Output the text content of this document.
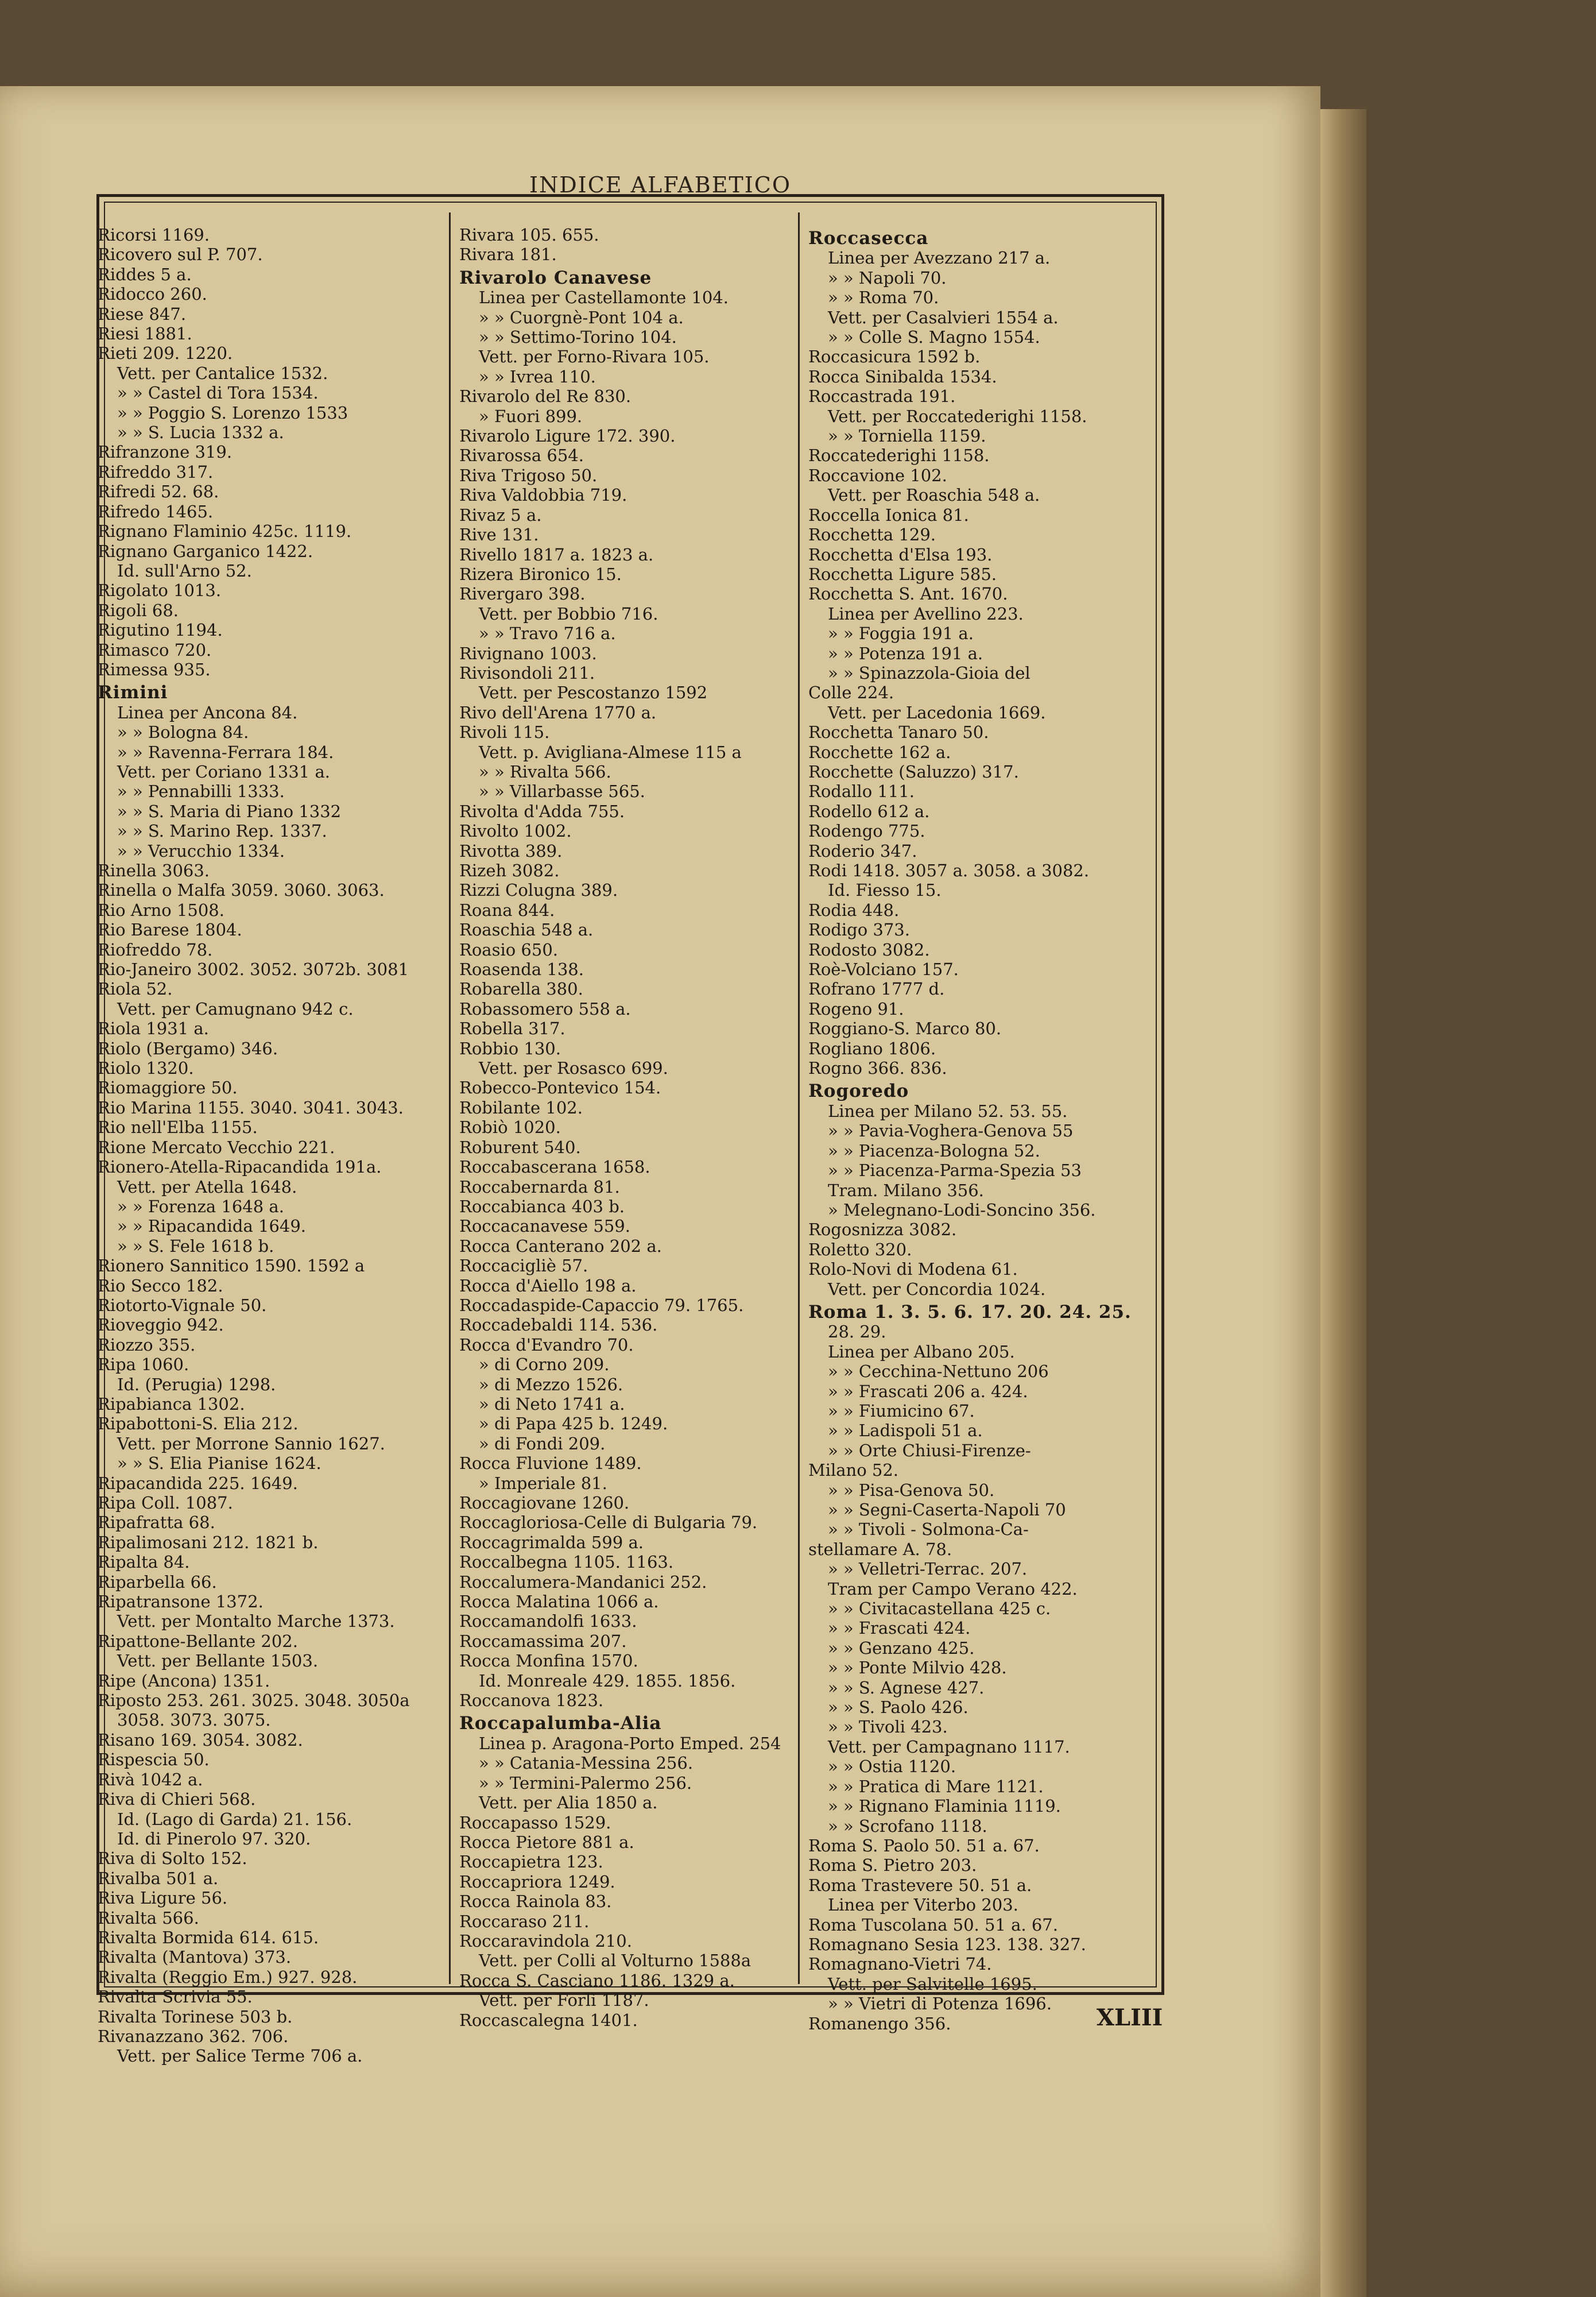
INDICE ALFABETICO
Ricorsi 1169.
Ricovero sul P. 707.
Riddes 5 a.
Ridocco 260.
Riese 847.
Riesi 1881.
Rieti 209. 1220.
Vett. per Cantalice 1532.
» » Castel di Tora 1534.
» » Poggio S. Lorenzo 1533
» » S. Lucia 1332 a.
Rifranzone 319.
Rifreddo 317.
Rifredi 52. 68.
Rifredo 1465.
Rignano Flaminio 425c. 1119.
Rignano Garganico 1422.
Id. sull'Arno 52.
Rigolato 1013.
Rigoli 68.
Rigutino 1194.
Rimasco 720.
Rimessa 935.
Rimini
Linea per Ancona 84.
» » Bologna 84.
» » Ravenna-Ferrara 184.
Vett. per Coriano 1331 a.
» » Pennabilli 1333.
» » S. Maria di Piano 1332
» » S. Marino Rep. 1337.
» » Verucchio 1334.
Rinella 3063.
Rinella o Malfa 3059. 3060. 3063.
Rio Arno 1508.
Rio Barese 1804.
Riofreddo 78.
Rio-Janeiro 3002. 3052. 3072b. 3081
Riola 52.
Vett. per Camugnano 942 c.
Riola 1931 a.
Riolo (Bergamo) 346.
Riolo 1320.
Riomaggiore 50.
Rio Marina 1155. 3040. 3041. 3043.
Rio nell'Elba 1155.
Rione Mercato Vecchio 221.
Rionero-Atella-Ripacandida 191a.
Vett. per Atella 1648.
» » Forenza 1648 a.
» » Ripacandida 1649.
» » S. Fele 1618 b.
Rionero Sannitico 1590. 1592 a
Rio Secco 182.
Riotorto-Vignale 50.
Rioveggio 942.
Riozzo 355.
Ripa 1060.
Id. (Perugia) 1298.
Ripabianca 1302.
Ripabottoni-S. Elia 212.
Vett. per Morrone Sannio 1627.
» » S. Elia Pianise 1624.
Ripacandida 225. 1649.
Ripa Coll. 1087.
Ripafratta 68.
Ripalimosani 212. 1821 b.
Ripalta 84.
Riparbella 66.
Ripatransone 1372.
Vett. per Montalto Marche 1373.
Ripattone-Bellante 202.
Vett. per Bellante 1503.
Ripe (Ancona) 1351.
Riposto 253. 261. 3025. 3048. 3050a
3058. 3073. 3075.
Risano 169. 3054. 3082.
Rispescia 50.
Rivà 1042 a.
Riva di Chieri 568.
Id. (Lago di Garda) 21. 156.
Id. di Pinerolo 97. 320.
Riva di Solto 152.
Rivalba 501 a.
Riva Ligure 56.
Rivalta 566.
Rivalta Bormida 614. 615.
Rivalta (Mantova) 373.
Rivalta (Reggio Em.) 927. 928.
Rivalta Scrivia 55.
Rivalta Torinese 503 b.
Rivanazzano 362. 706.
Vett. per Salice Terme 706 a.
Rivara 105. 655.
Rivara 181.
Rivarolo Canavese
Linea per Castellamonte 104.
» » Cuorgnè-Pont 104 a.
» » Settimo-Torino 104.
Vett. per Forno-Rivara 105.
» » Ivrea 110.
Rivarolo del Re 830.
» Fuori 899.
Rivarolo Ligure 172. 390.
Rivarossa 654.
Riva Trigoso 50.
Riva Valdobbia 719.
Rivaz 5 a.
Rive 131.
Rivello 1817 a. 1823 a.
Rizera Bironico 15.
Rivergaro 398.
Vett. per Bobbio 716.
» » Travo 716 a.
Rivignano 1003.
Rivisondoli 211.
Vett. per Pescostanzo 1592
Rivo dell'Arena 1770 a.
Rivoli 115.
Vett. p. Avigliana-Almese 115 a
» » Rivalta 566.
» » Villarbasse 565.
Rivolta d'Adda 755.
Rivolto 1002.
Rivotta 389.
Rizeh 3082.
Rizzi Colugna 389.
Roana 844.
Roaschia 548 a.
Roasio 650.
Roasenda 138.
Robarella 380.
Robassomero 558 a.
Robella 317.
Robbio 130.
Vett. per Rosasco 699.
Robecco-Pontevico 154.
Robilante 102.
Robiò 1020.
Roburent 540.
Roccabascerana 1658.
Roccabernarda 81.
Roccabianca 403 b.
Roccacanavese 559.
Rocca Canterano 202 a.
Roccacigliè 57.
Rocca d'Aiello 198 a.
Roccadaspide-Capaccio 79. 1765.
Roccadebaldi 114. 536.
Rocca d'Evandro 70.
» di Corno 209.
» di Mezzo 1526.
» di Neto 1741 a.
» di Papa 425 b. 1249.
» di Fondi 209.
Rocca Fluvione 1489.
» Imperiale 81.
Roccagiovane 1260.
Roccagloriosa-Celle di Bulgaria 79.
Roccagrimalda 599 a.
Roccalbegna 1105. 1163.
Roccalumera-Mandanici 252.
Rocca Malatina 1066 a.
Roccamandolfi 1633.
Roccamassima 207.
Rocca Monfina 1570.
Id. Monreale 429. 1855. 1856.
Roccanova 1823.
Roccapalumba-Alia
Linea p. Aragona-Porto Emped. 254
» » Catania-Messina 256.
» » Termini-Palermo 256.
Vett. per Alia 1850 a.
Roccapasso 1529.
Rocca Pietore 881 a.
Roccapietra 123.
Roccapriora 1249.
Rocca Rainola 83.
Roccaraso 211.
Roccaravindola 210.
Vett. per Colli al Volturno 1588a
Rocca S. Casciano 1186. 1329 a.
Vett. per Forlì 1187.
Roccascalegna 1401.
Roccasecca
Linea per Avezzano 217 a.
» » Napoli 70.
» » Roma 70.
Vett. per Casalvieri 1554 a.
» » Colle S. Magno 1554.
Roccasicura 1592 b.
Rocca Sinibalda 1534.
Roccastrada 191.
Vett. per Roccatederighi 1158.
» » Torniella 1159.
Roccatederighi 1158.
Roccavione 102.
Vett. per Roaschia 548 a.
Roccella Ionica 81.
Rocchetta 129.
Rocchetta d'Elsa 193.
Rocchetta Ligure 585.
Rocchetta S. Ant. 1670.
Linea per Avellino 223.
» » Foggia 191 a.
» » Potenza 191 a.
» » Spinazzola-Gioia del
Colle 224.
Vett. per Lacedonia 1669.
Rocchetta Tanaro 50.
Rocchette 162 a.
Rocchette (Saluzzo) 317.
Rodallo 111.
Rodello 612 a.
Rodengo 775.
Roderio 347.
Rodi 1418. 3057 a. 3058. a 3082.
Id. Fiesso 15.
Rodia 448.
Rodigo 373.
Rodosto 3082.
Roè-Volciano 157.
Rofrano 1777 d.
Rogeno 91.
Roggiano-S. Marco 80.
Rogliano 1806.
Rogno 366. 836.
Rogoredo
Linea per Milano 52. 53. 55.
» » Pavia-Voghera-Genova 55
» » Piacenza-Bologna 52.
» » Piacenza-Parma-Spezia 53
Tram. Milano 356.
» Melegnano-Lodi-Soncino 356.
Rogosnizza 3082.
Roletto 320.
Rolo-Novi di Modena 61.
Vett. per Concordia 1024.
Roma 1. 3. 5. 6. 17. 20. 24. 25.
28. 29.
Linea per Albano 205.
» » Cecchina-Nettuno 206
» » Frascati 206 a. 424.
» » Fiumicino 67.
» » Ladispoli 51 a.
» » Orte Chiusi-Firenze-
Milano 52.
» » Pisa-Genova 50.
» » Segni-Caserta-Napoli 70
» » Tivoli - Solmona-Ca-
stellamare A. 78.
» » Velletri-Terrac. 207.
Tram per Campo Verano 422.
» » Civitacastellana 425 c.
» » Frascati 424.
» » Genzano 425.
» » Ponte Milvio 428.
» » S. Agnese 427.
» » S. Paolo 426.
» » Tivoli 423.
Vett. per Campagnano 1117.
» » Ostia 1120.
» » Pratica di Mare 1121.
» » Rignano Flaminia 1119.
» » Scrofano 1118.
Roma S. Paolo 50. 51 a. 67.
Roma S. Pietro 203.
Roma Trastevere 50. 51 a.
Linea per Viterbo 203.
Roma Tuscolana 50. 51 a. 67.
Romagnano Sesia 123. 138. 327.
Romagnano-Vietri 74.
Vett. per Salvitelle 1695.
» » Vietri di Potenza 1696.
Romanengo 356.	XLIII
